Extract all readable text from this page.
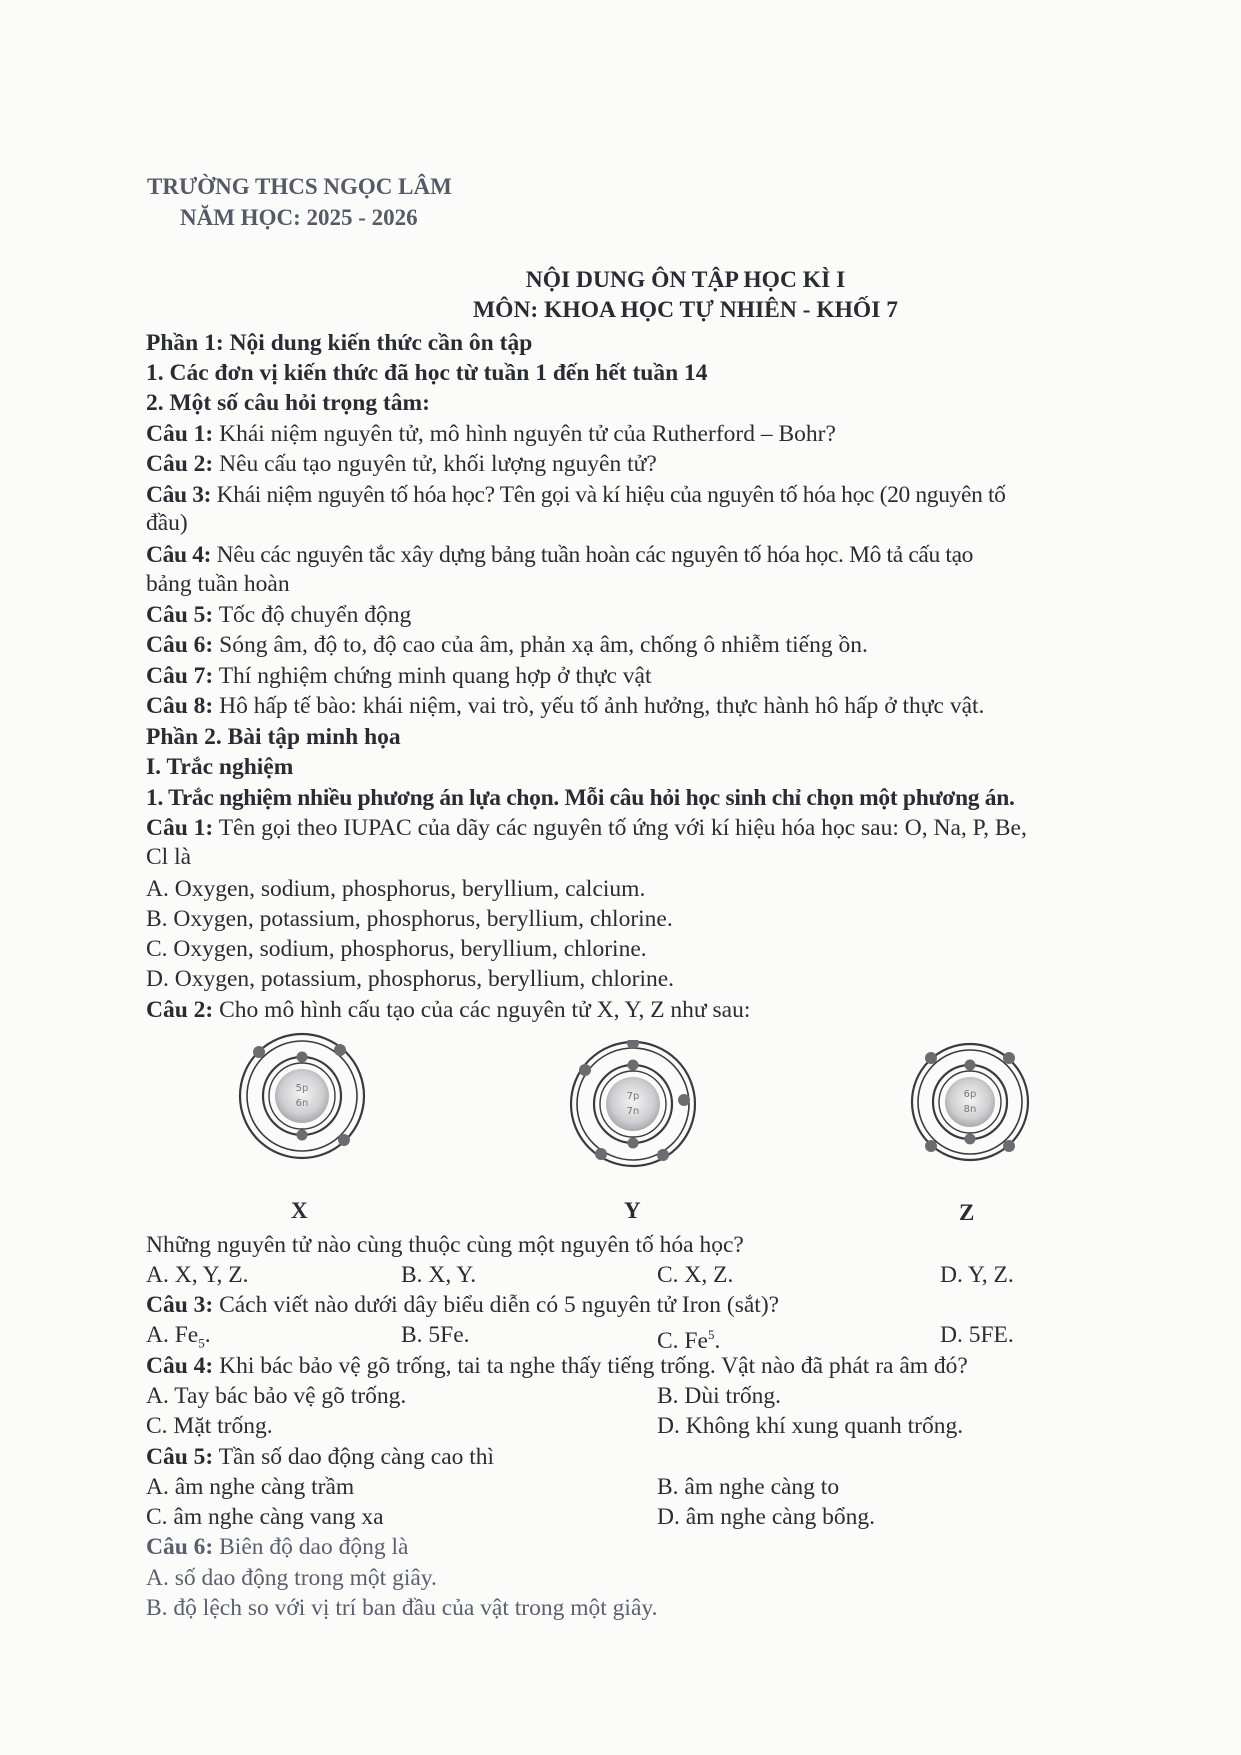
TRƯỜNG THCS NGỌC LÂM
NĂM HỌC: 2025 - 2026
NỘI DUNG ÔN TẬP HỌC KÌ I
MÔN: KHOA HỌC TỰ NHIÊN - KHỐI 7
Phần 1: Nội dung kiến thức cần ôn tập
1. Các đơn vị kiến thức đã học từ tuần 1 đến hết tuần 14
2. Một số câu hỏi trọng tâm:
Câu 1: Khái niệm nguyên tử, mô hình nguyên tử của Rutherford – Bohr?
Câu 2: Nêu cấu tạo nguyên tử, khối lượng nguyên tử?
Câu 3: Khái niệm nguyên tố hóa học? Tên gọi và kí hiệu của nguyên tố hóa học (20 nguyên tố
đầu)
Câu 4: Nêu các nguyên tắc xây dựng bảng tuần hoàn các nguyên tố hóa học. Mô tả cấu tạo
bảng tuần hoàn
Câu 5: Tốc độ chuyển động
Câu 6: Sóng âm, độ to, độ cao của âm, phản xạ âm, chống ô nhiễm tiếng ồn.
Câu 7: Thí nghiệm chứng minh quang hợp ở thực vật
Câu 8: Hô hấp tế bào: khái niệm, vai trò, yếu tố ảnh hưởng, thực hành hô hấp ở thực vật.
Phần 2. Bài tập minh họa
I. Trắc nghiệm
1. Trắc nghiệm nhiều phương án lựa chọn. Mỗi câu hỏi học sinh chỉ chọn một phương án.
Câu 1: Tên gọi theo IUPAC của dãy các nguyên tố ứng với kí hiệu hóa học sau: O, Na, P, Be,
Cl là
A. Oxygen, sodium, phosphorus, beryllium, calcium.
B. Oxygen, potassium, phosphorus, beryllium, chlorine.
C. Oxygen, sodium, phosphorus, beryllium, chlorine.
D. Oxygen, potassium, phosphorus, beryllium, chlorine.
Câu 2: Cho mô hình cấu tạo của các nguyên tử X, Y, Z như sau:
5p
6n
7p
7n
6p
8n
X	Y	Z
Những nguyên tử nào cùng thuộc cùng một nguyên tố hóa học?
A. X, Y, Z.	B. X, Y.	C. X, Z.	D. Y, Z.
Câu 3: Cách viết nào dưới dây biểu diễn có 5 nguyên tử Iron (sắt)?
A. $Fe_5$.	B. 5Fe.	C. Fe$^5$.	D. 5FE.
Câu 4: Khi bác bảo vệ gõ trống, tai ta nghe thấy tiếng trống. Vật nào đã phát ra âm đó?
A. Tay bác bảo vệ gõ trống.	B. Dùi trống.
C. Mặt trống.	D. Không khí xung quanh trống.
Câu 5: Tần số dao động càng cao thì
A. âm nghe càng trầm	B. âm nghe càng to
C. âm nghe càng vang xa	D. âm nghe càng bổng.
Câu 6: Biên độ dao động là
A. số dao động trong một giây.
B. độ lệch so với vị trí ban đầu của vật trong một giây.
